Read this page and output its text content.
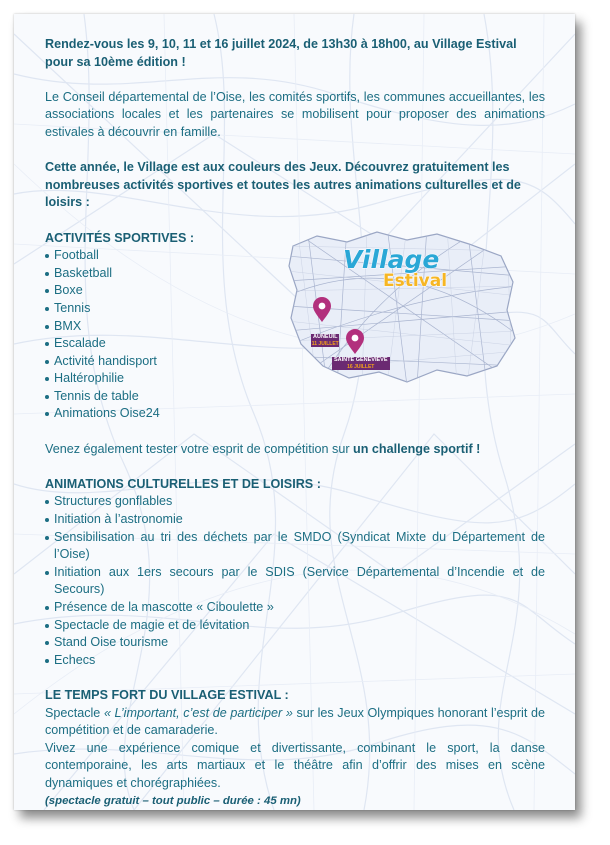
Rendez-vous les 9, 10, 11 et 16 juillet 2024, de 13h30 à 18h00, au Village Estival pour sa 10ème édition !

Le Conseil départemental de l’Oise, les comités sportifs, les communes accueillantes, les associations locales et les partenaires se mobilisent pour proposer des animations estivales à découvrir en famille.

Cette année, le Village est aux couleurs des Jeux. Découvrez gratuitement les nombreuses activités sportives et toutes les autres animations culturelles et de loisirs :

ACTIVITÉS SPORTIVES :

Football
Basketball
Boxe
Tennis
BMX
Escalade
Activité handisport
Haltérophilie
Tennis de table
Animations Oise24

Venez également tester votre esprit de compétition sur un challenge sportif !

ANIMATIONS CULTURELLES ET DE LOISIRS :

Structures gonflables
Initiation à l’astronomie
Sensibilisation au tri des déchets par le SMDO (Syndicat Mixte du Département de l’Oise)
Initiation aux 1ers secours par le SDIS (Service Départemental d’Incendie et de Secours)
Présence de la mascotte « Ciboulette »
Spectacle de magie et de lévitation
Stand Oise tourisme
Echecs

LE TEMPS FORT DU VILLAGE ESTIVAL :

Spectacle « L’important, c’est de participer » sur les Jeux Olympiques honorant l’esprit de compétition et de camaraderie.

Vivez une expérience comique et divertissante, combinant le sport, la danse contemporaine, les arts martiaux et le théâtre afin d’offrir des mises en scène dynamiques et chorégraphiées.

(spectacle gratuit – tout public – durée : 45 mn)

Village
Estival
AUNEUIL
11 JUILLET
SAINTE GENEVIÈVE
16 JUILLET
